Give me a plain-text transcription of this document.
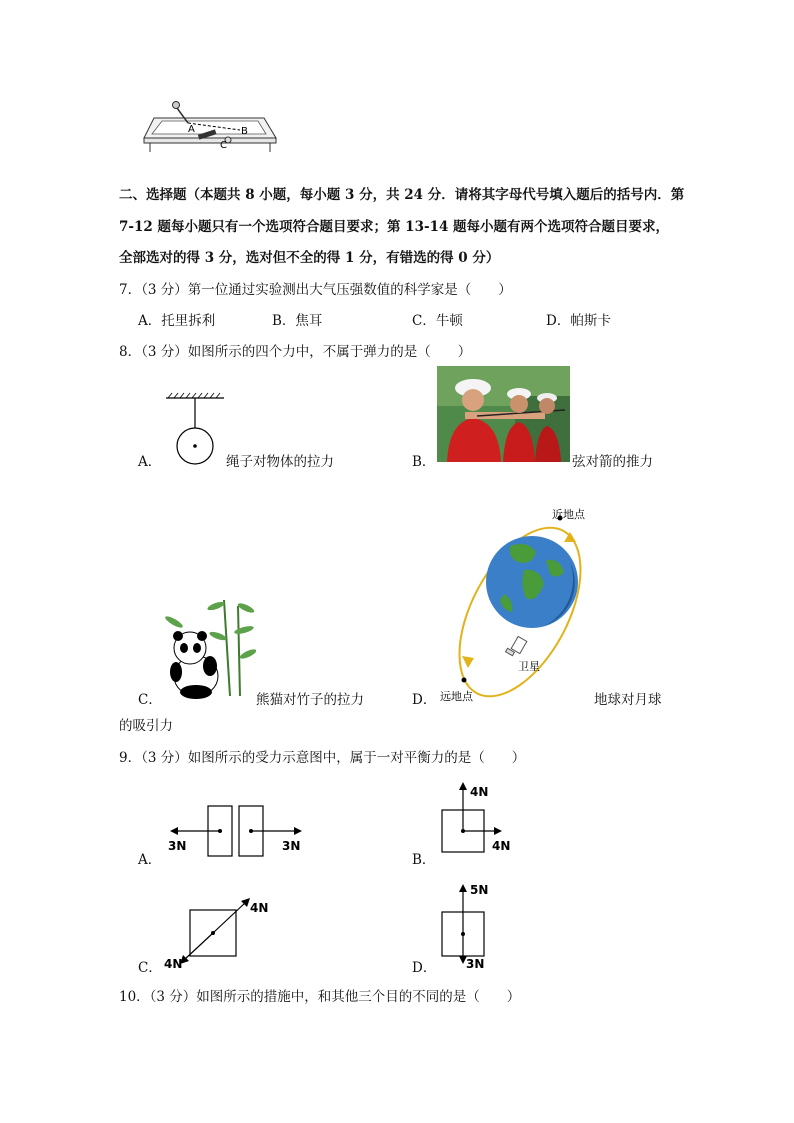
A	B
C
二、选择题（本题共 8 小题，每小题 3 分，共 24 分．请将其字母代号填入题后的括号内．第
7-12 题每小题只有一个选项符合题目要求；第 13-14 题每小题有两个选项符合题目要求，
全部选对的得 3 分，选对但不全的得 1 分，有错选的得 0 分）
7．（3 分）第一位通过实验测出大气压强数值的科学家是（　　）
A．托里拆利	B．焦耳	C．牛顿	D．帕斯卡
8．（3 分）如图所示的四个力中，不属于弹力的是（　　）
A．	绳子对物体的拉力	B．	弦对箭的推力
C．	熊猫对竹子的拉力
近地点
远地点
卫星
D．	地球对月球
的吸引力
9．（3 分）如图所示的受力示意图中，属于一对平衡力的是（　　）
3N	3N
A．
4N
4N
B．
4N
4N
C．
5N
3N
D．
10．（3 分）如图所示的措施中，和其他三个目的不同的是（　　）
